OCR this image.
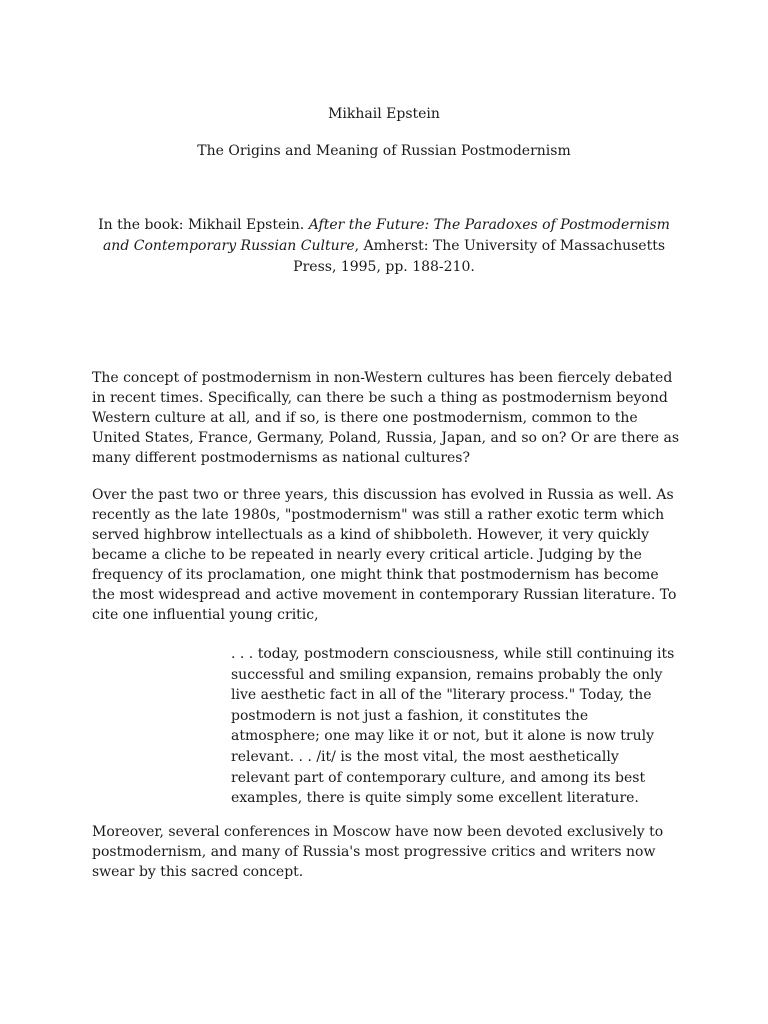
Mikhail Epstein
The Origins and Meaning of Russian Postmodernism
In the book: Mikhail Epstein. After the Future: The Paradoxes of Postmodernism and Contemporary Russian Culture, Amherst: The University of Massachusetts Press, 1995, pp. 188-210.

The concept of postmodernism in non-Western cultures has been fiercely debated in recent times. Specifically, can there be such a thing as postmodernism beyond Western culture at all, and if so, is there one postmodernism, common to the United States, France, Germany, Poland, Russia, Japan, and so on? Or are there as many different postmodernisms as national cultures?

Over the past two or three years, this discussion has evolved in Russia as well. As recently as the late 1980s, "postmodernism" was still a rather exotic term which served highbrow intellectuals as a kind of shibboleth. However, it very quickly became a cliche to be repeated in nearly every critical article. Judging by the frequency of its proclamation, one might think that postmodernism has become the most widespread and active movement in contemporary Russian literature. To cite one influential young critic,

. . . today, postmodern consciousness, while still continuing its successful and smiling expansion, remains probably the only live aesthetic fact in all of the "literary process." Today, the postmodern is not just a fashion, it constitutes the atmosphere; one may like it or not, but it alone is now truly relevant. . . /it/ is the most vital, the most aesthetically relevant part of contemporary culture, and among its best examples, there is quite simply some excellent literature.

Moreover, several conferences in Moscow have now been devoted exclusively to postmodernism, and many of Russia's most progressive critics and writers now swear by this sacred concept.
